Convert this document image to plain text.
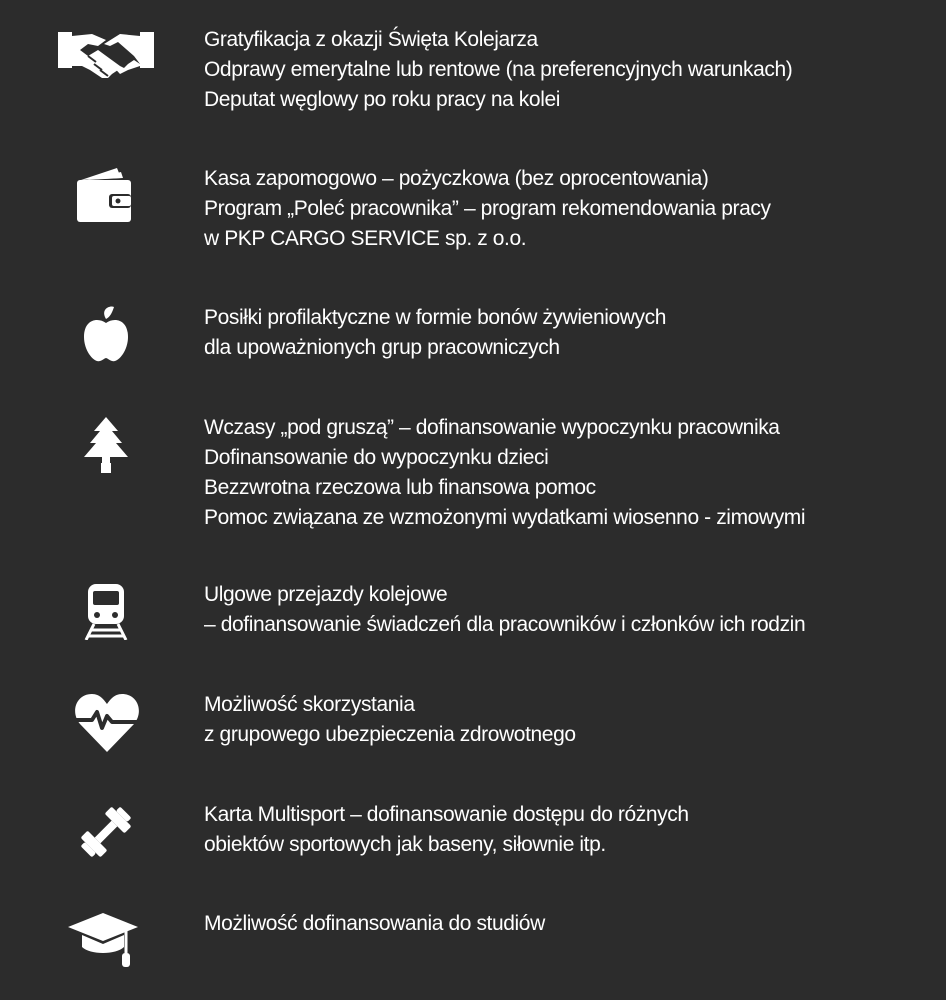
Gratyfikacja z okazji Święta Kolejarza
Odprawy emerytalne lub rentowe (na preferencyjnych warunkach)
Deputat węglowy po roku pracy na kolei
Kasa zapomogowo – pożyczkowa (bez oprocentowania)
Program „Poleć pracownika” – program rekomendowania pracy
w PKP CARGO SERVICE sp. z o.o.
Posiłki profilaktyczne w formie bonów żywieniowych
dla upoważnionych grup pracowniczych
Wczasy „pod gruszą” – dofinansowanie wypoczynku pracownika
Dofinansowanie do wypoczynku dzieci
Bezzwrotna rzeczowa lub finansowa pomoc
Pomoc związana ze wzmożonymi wydatkami wiosenno - zimowymi
Ulgowe przejazdy kolejowe
– dofinansowanie świadczeń dla pracowników i członków ich rodzin
Możliwość skorzystania
z grupowego ubezpieczenia zdrowotnego
Karta Multisport – dofinansowanie dostępu do różnych
obiektów sportowych jak baseny, siłownie itp.
Możliwość dofinansowania do studiów
